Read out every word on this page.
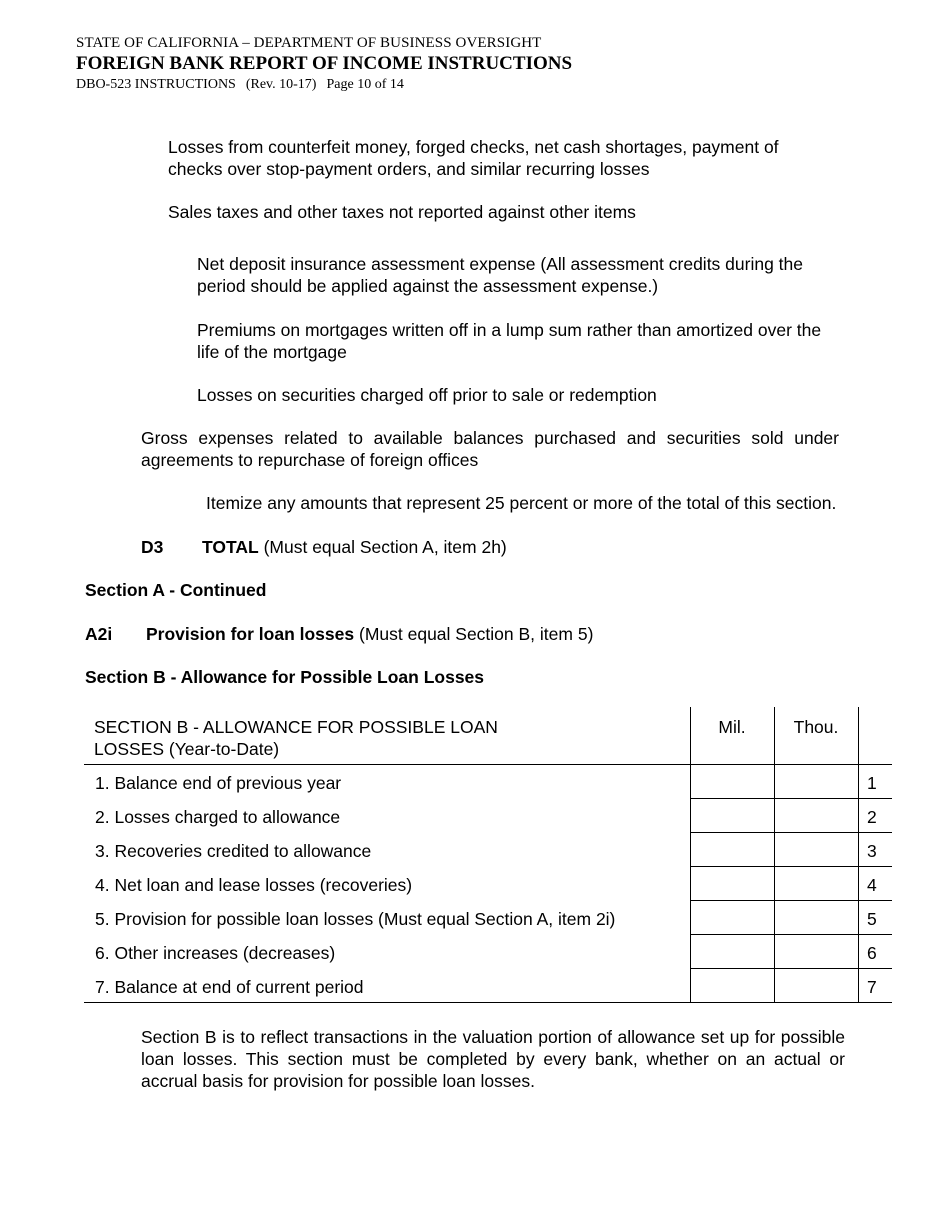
STATE OF CALIFORNIA – DEPARTMENT OF BUSINESS OVERSIGHT
FOREIGN BANK REPORT OF INCOME INSTRUCTIONS
DBO-523 INSTRUCTIONS (Rev. 10-17) Page 10 of 14
Losses from counterfeit money, forged checks, net cash shortages, payment of checks over stop-payment orders, and similar recurring losses
Sales taxes and other taxes not reported against other items
Net deposit insurance assessment expense (All assessment credits during the period should be applied against the assessment expense.)
Premiums on mortgages written off in a lump sum rather than amortized over the life of the mortgage
Losses on securities charged off prior to sale or redemption
Gross expenses related to available balances purchased and securities sold under agreements to repurchase of foreign offices
Itemize any amounts that represent 25 percent or more of the total of this section.
D3 TOTAL (Must equal Section A, item 2h)
Section A - Continued
A2i Provision for loan losses (Must equal Section B, item 5)
Section B - Allowance for Possible Loan Losses
SECTION B - ALLOWANCE FOR POSSIBLE LOAN
LOSSES (Year-to-Date)
Mil.	Thou.
1. Balance end of previous year
2. Losses charged to allowance
3. Recoveries credited to allowance
4. Net loan and lease losses (recoveries)
5. Provision for possible loan losses (Must equal Section A, item 2i)
6. Other increases (decreases)
7. Balance at end of current period
1
2
3
4
5
6
7
Section B is to reflect transactions in the valuation portion of allowance set up for possible loan losses. This section must be completed by every bank, whether on an actual or accrual basis for provision for possible loan losses.
